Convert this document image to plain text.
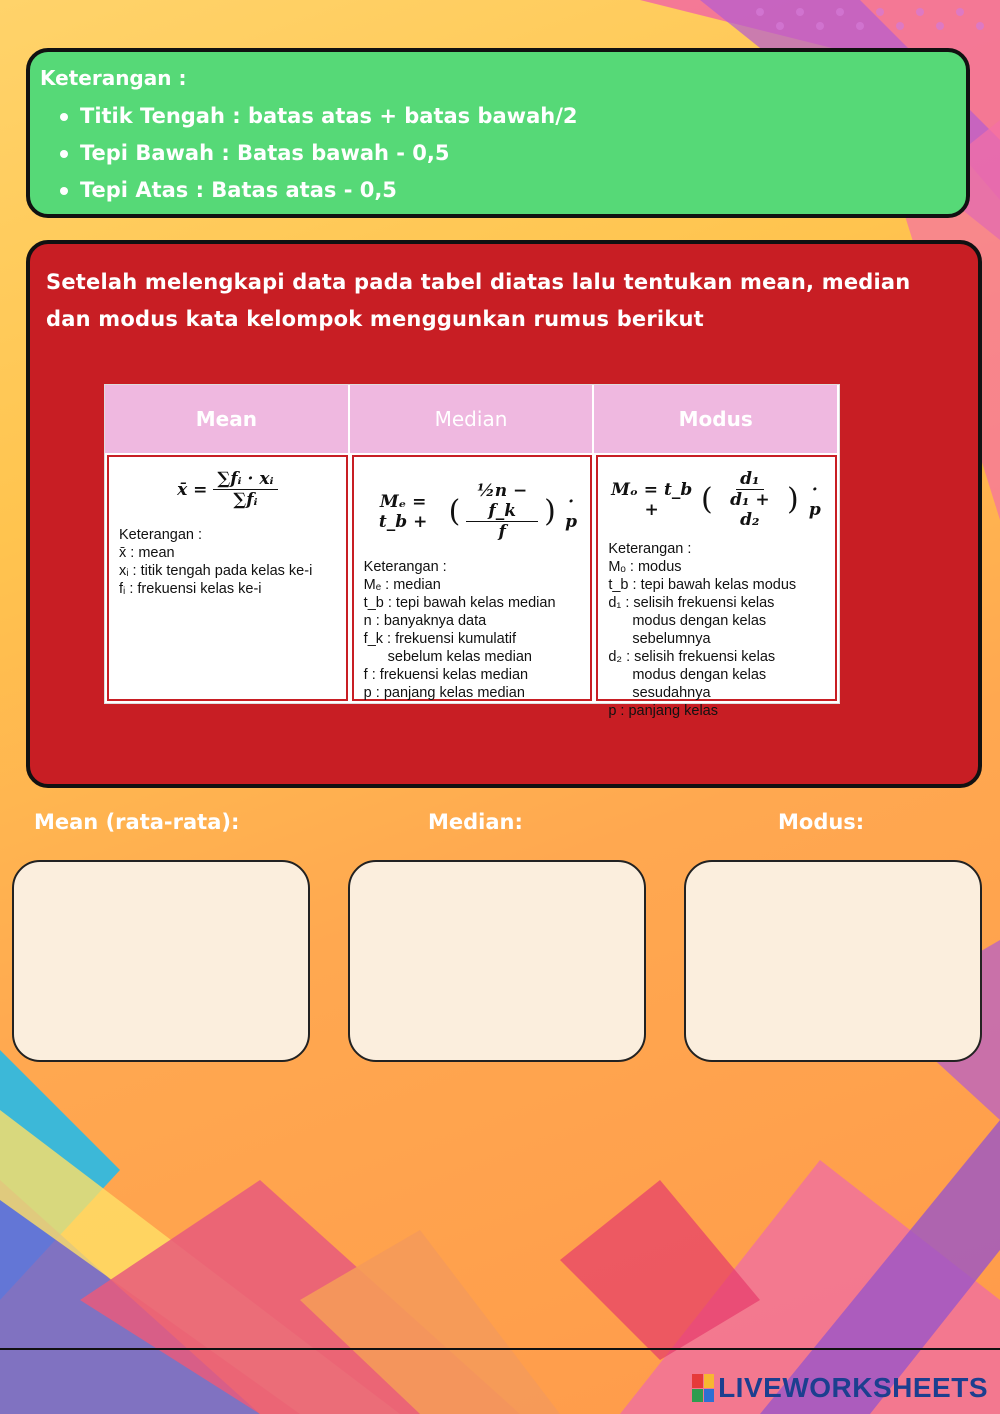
Keterangan :
Titik Tengah : batas atas + batas bawah/2
Tepi Bawah : Batas bawah - 0,5
Tepi Atas : Batas atas - 0,5
Setelah melengkapi data pada tabel diatas lalu tentukan mean, median dan modus kata kelompok menggunkan rumus berikut
Mean	Median	Modus
x̄ = $\frac{\text{∑fᵢ · xᵢ}}{\text{∑fᵢ}}$
Keterangan :
x̄ : mean
xᵢ : titik tengah pada kelas ke-i
fᵢ : frekuensi kelas ke-i
Mₑ = t_b + ( $\frac{\text{½n − f\_k}}{f}$ ) · p
Keterangan :
Mₑ : median
t_b : tepi bawah kelas median
n : banyaknya data
f_k : frekuensi kumulatif
sebelum kelas median
f : frekuensi kelas median
p : panjang kelas median
Mₒ = t_b +	( $\frac{\text{d₁}}{\text{d₁ + d₂}}$ ) · p
Keterangan :
Mₒ : modus
t_b : tepi bawah kelas modus
d₁ : selisih frekuensi kelas
modus dengan kelas
sebelumnya
d₂ : selisih frekuensi kelas
modus dengan kelas
sesudahnya
p : panjang kelas
Mean (rata-rata):	Median:	Modus:
LIVEWORKSHEETS
